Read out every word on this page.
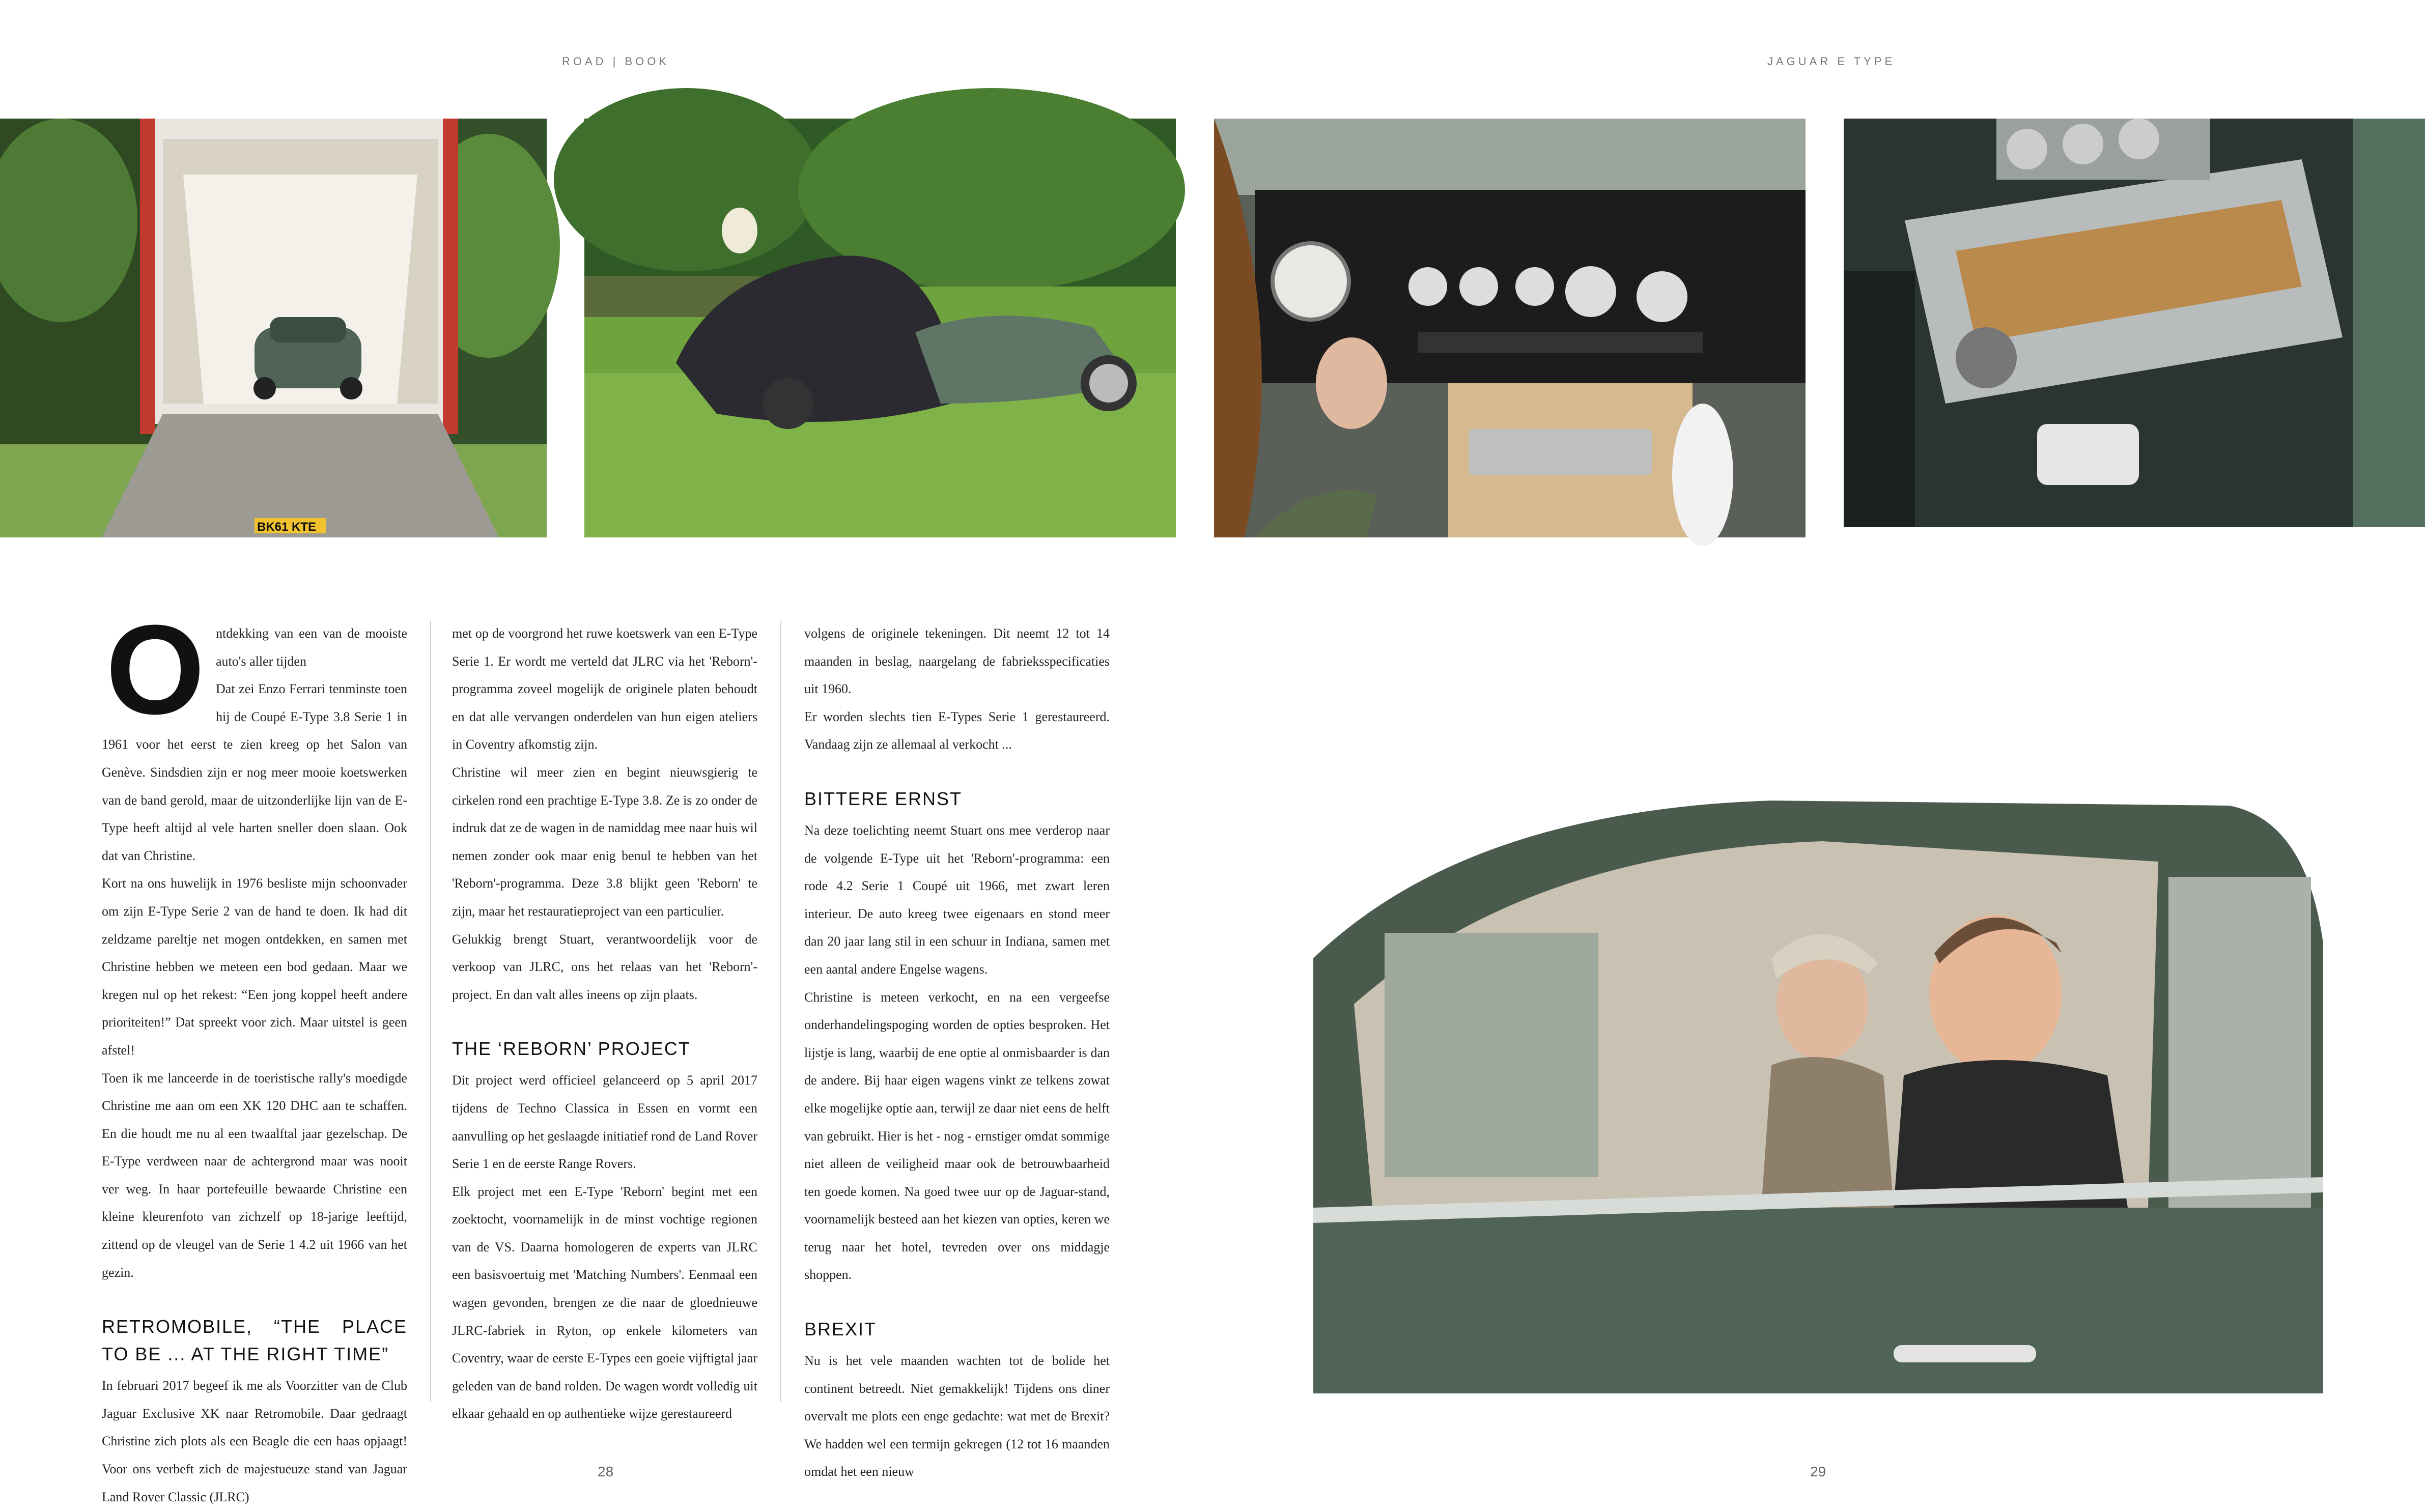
ROAD | BOOK	JAGUAR E TYPE
BK61 KTE
O ntdekking van een van de mooiste auto's aller tijden

Dat zei Enzo Ferrari tenminste toen hij de Coupé E-Type 3.8 Serie 1 in 1961 voor het eerst te zien kreeg op het Salon van Genève. Sindsdien zijn er nog meer mooie koetswerken van de band gerold, maar de uitzonderlijke lijn van de E-Type heeft altijd al vele harten sneller doen slaan. Ook dat van Christine.

Kort na ons huwelijk in 1976 besliste mijn schoonvader om zijn E-Type Serie 2 van de hand te doen. Ik had dit zeldzame pareltje net mogen ontdekken, en samen met Christine hebben we meteen een bod gedaan. Maar we kregen nul op het rekest: “Een jong koppel heeft andere prioriteiten!” Dat spreekt voor zich. Maar uitstel is geen afstel!

Toen ik me lanceerde in de toeristische rally's moedigde Christine me aan om een XK 120 DHC aan te schaffen. En die houdt me nu al een twaalftal jaar gezelschap. De E-Type verdween naar de achtergrond maar was nooit ver weg. In haar portefeuille bewaarde Christine een kleine kleurenfoto van zichzelf op 18-jarige leeftijd, zittend op de vleugel van de Serie 1 4.2 uit 1966 van het gezin.

RETROMOBILE, “THE PLACE TO BE ... AT THE RIGHT TIME”

In februari 2017 begeef ik me als Voorzitter van de Club Jaguar Exclusive XK naar Retromobile. Daar gedraagt Christine zich plots als een Beagle die een haas opjaagt! Voor ons verbeft zich de majestueuze stand van Jaguar Land Rover Classic (JLRC)

met op de voorgrond het ruwe koetswerk van een E-Type Serie 1. Er wordt me verteld dat JLRC via het 'Reborn'-programma zoveel mogelijk de originele platen behoudt en dat alle vervangen onderdelen van hun eigen ateliers in Coventry afkomstig zijn.

Christine wil meer zien en begint nieuwsgierig te cirkelen rond een prachtige E-Type 3.8. Ze is zo onder de indruk dat ze de wagen in de namiddag mee naar huis wil nemen zonder ook maar enig benul te hebben van het 'Reborn'-programma. Deze 3.8 blijkt geen 'Reborn' te zijn, maar het restauratieproject van een particulier.

Gelukkig brengt Stuart, verantwoordelijk voor de verkoop van JLRC, ons het relaas van het 'Reborn'-project. En dan valt alles ineens op zijn plaats.

THE ‘REBORN’ PROJECT

Dit project werd officieel gelanceerd op 5 april 2017 tijdens de Techno Classica in Essen en vormt een aanvulling op het geslaagde initiatief rond de Land Rover Serie 1 en de eerste Range Rovers.

Elk project met een E-Type 'Reborn' begint met een zoektocht, voornamelijk in de minst vochtige regionen van de VS. Daarna homologeren de experts van JLRC een basisvoertuig met 'Matching Numbers'. Eenmaal een wagen gevonden, brengen ze die naar de gloednieuwe JLRC-fabriek in Ryton, op enkele kilometers van Coventry, waar de eerste E-Types een goeie vijftigtal jaar geleden van de band rolden. De wagen wordt volledig uit elkaar gehaald en op authentieke wijze gerestaureerd

volgens de originele tekeningen. Dit neemt 12 tot 14 maanden in beslag, naargelang de fabrieksspecificaties uit 1960.

Er worden slechts tien E-Types Serie 1 gerestaureerd. Vandaag zijn ze allemaal al verkocht ...

BITTERE ERNST

Na deze toelichting neemt Stuart ons mee verderop naar de volgende E-Type uit het 'Reborn'-programma: een rode 4.2 Serie 1 Coupé uit 1966, met zwart leren interieur. De auto kreeg twee eigenaars en stond meer dan 20 jaar lang stil in een schuur in Indiana, samen met een aantal andere Engelse wagens.

Christine is meteen verkocht, en na een vergeefse onderhandelingspoging worden de opties besproken. Het lijstje is lang, waarbij de ene optie al onmisbaarder is dan de andere. Bij haar eigen wagens vinkt ze telkens zowat elke mogelijke optie aan, terwijl ze daar niet eens de helft van gebruikt. Hier is het - nog - ernstiger omdat sommige niet alleen de veiligheid maar ook de betrouwbaarheid ten goede komen. Na goed twee uur op de Jaguar-stand, voornamelijk besteed aan het kiezen van opties, keren we terug naar het hotel, tevreden over ons middagje shoppen.

BREXIT

Nu is het vele maanden wachten tot de bolide het continent betreedt. Niet gemakkelijk! Tijdens ons diner overvalt me plots een enge gedachte: wat met de Brexit? We hadden wel een termijn gekregen (12 tot 16 maanden omdat het een nieuw

28	29
